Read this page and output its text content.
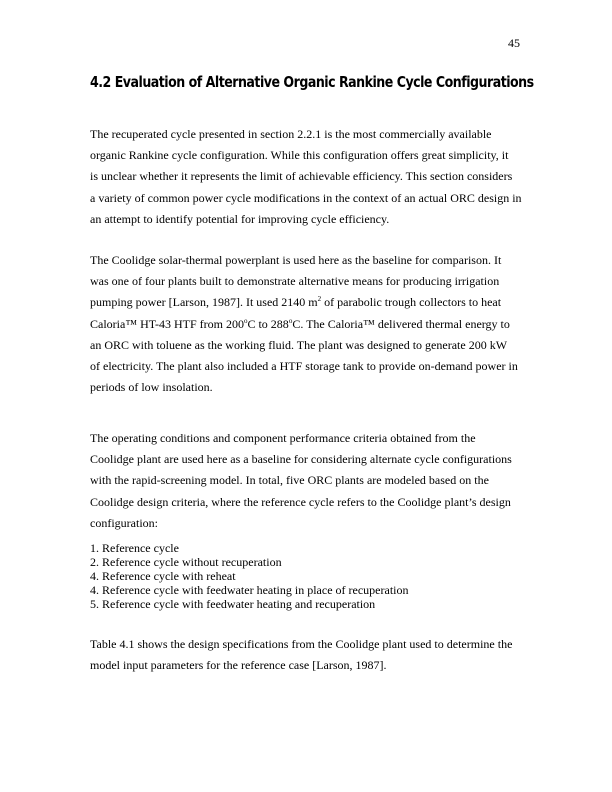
45
4.2 Evaluation of Alternative Organic Rankine Cycle Configurations

The recuperated cycle presented in section 2.2.1 is the most commercially available
organic Rankine cycle configuration. While this configuration offers great simplicity, it
is unclear whether it represents the limit of achievable efficiency. This section considers
a variety of common power cycle modifications in the context of an actual ORC design in
an attempt to identify potential for improving cycle efficiency.

The Coolidge solar-thermal powerplant is used here as the baseline for comparison. It
was one of four plants built to demonstrate alternative means for producing irrigation
pumping power [Larson, 1987]. It used 2140 $m^2$ of parabolic trough collectors to heat
Caloria™ HT-43 HTF from 200$^o$C to 288$^o$C. The Caloria™ delivered thermal energy to
an ORC with toluene as the working fluid. The plant was designed to generate 200 kW
of electricity. The plant also included a HTF storage tank to provide on-demand power in
periods of low insolation.

The operating conditions and component performance criteria obtained from the
Coolidge plant are used here as a baseline for considering alternate cycle configurations
with the rapid-screening model. In total, five ORC plants are modeled based on the
Coolidge design criteria, where the reference cycle refers to the Coolidge plant’s design
configuration:

1. Reference cycle
2. Reference cycle without recuperation
4. Reference cycle with reheat
4. Reference cycle with feedwater heating in place of recuperation
5. Reference cycle with feedwater heating and recuperation

Table 4.1 shows the design specifications from the Coolidge plant used to determine the
model input parameters for the reference case [Larson, 1987].
